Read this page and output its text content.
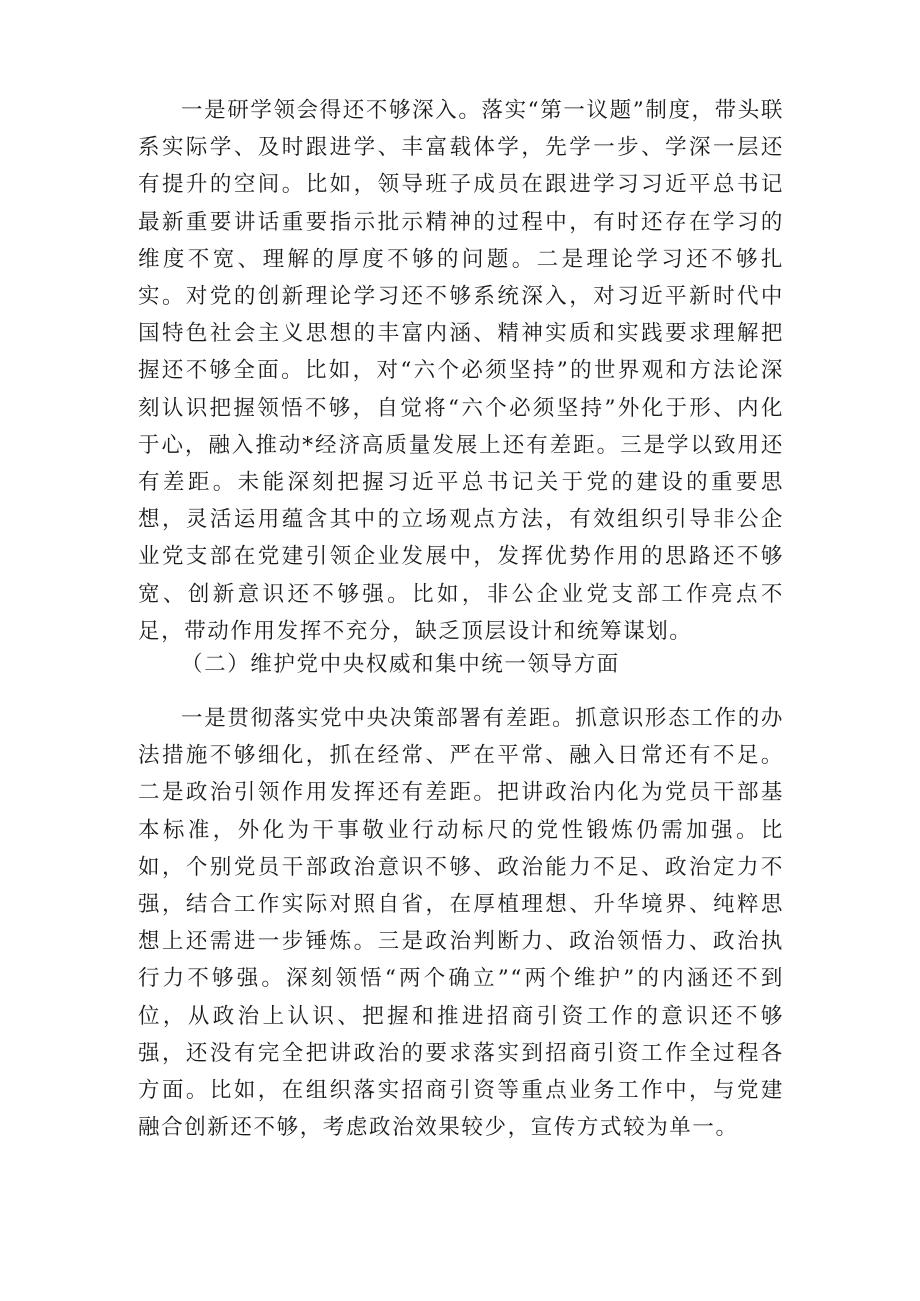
一是研学领会得还不够深入。落实“第一议题”制度，带头联系实际学、及时跟进学、丰富载体学，先学一步、学深一层还有提升的空间。比如，领导班子成员在跟进学习习近平总书记最新重要讲话重要指示批示精神的过程中，有时还存在学习的维度不宽、理解的厚度不够的问题。二是理论学习还不够扎实。对党的创新理论学习还不够系统深入，对习近平新时代中国特色社会主义思想的丰富内涵、精神实质和实践要求理解把握还不够全面。比如，对“六个必须坚持”的世界观和方法论深刻认识把握领悟不够，自觉将“六个必须坚持”外化于形、内化于心，融入推动*经济高质量发展上还有差距。三是学以致用还有差距。未能深刻把握习近平总书记关于党的建设的重要思想，灵活运用蕴含其中的立场观点方法，有效组织引导非公企业党支部在党建引领企业发展中，发挥优势作用的思路还不够宽、创新意识还不够强。比如，非公企业党支部工作亮点不足，带动作用发挥不充分，缺乏顶层设计和统筹谋划。

（二）维护党中央权威和集中统一领导方面

一是贯彻落实党中央决策部署有差距。抓意识形态工作的办法措施不够细化，抓在经常、严在平常、融入日常还有不足。二是政治引领作用发挥还有差距。把讲政治内化为党员干部基本标准，外化为干事敬业行动标尺的党性锻炼仍需加强。比如，个别党员干部政治意识不够、政治能力不足、政治定力不强，结合工作实际对照自省，在厚植理想、升华境界、纯粹思想上还需进一步锤炼。三是政治判断力、政治领悟力、政治执行力不够强。深刻领悟“两个确立”“两个维护”的内涵还不到位，从政治上认识、把握和推进招商引资工作的意识还不够强，还没有完全把讲政治的要求落实到招商引资工作全过程各方面。比如，在组织落实招商引资等重点业务工作中，与党建融合创新还不够，考虑政治效果较少，宣传方式较为单一。
